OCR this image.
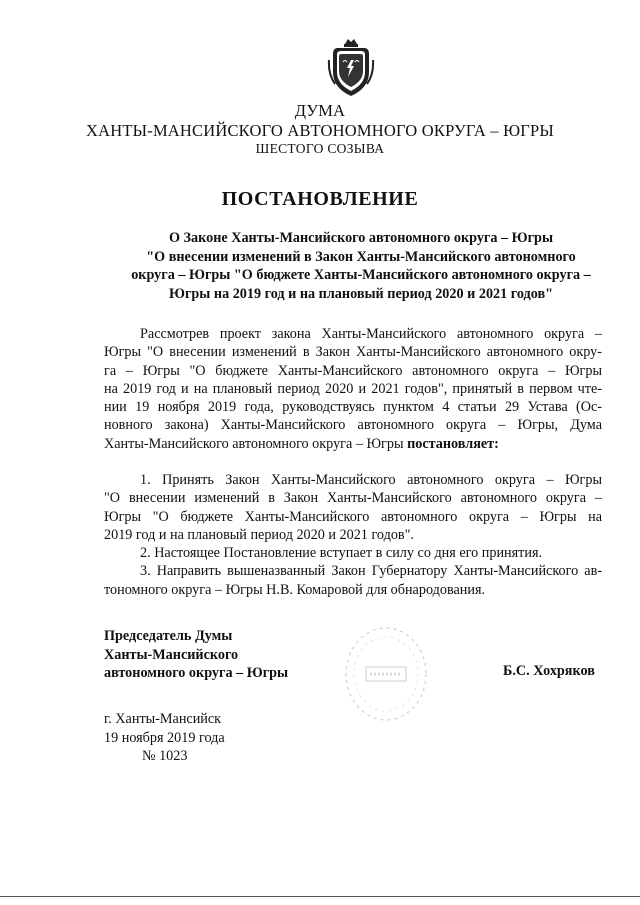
ДУМА
ХАНТЫ-МАНСИЙСКОГО АВТОНОМНОГО ОКРУГА – ЮГРЫ
ШЕСТОГО СОЗЫВА
ПОСТАНОВЛЕНИЕ
О Законе Ханты-Мансийского автономного округа – Югры
"О внесении изменений в Закон Ханты-Мансийского автономного
округа – Югры "О бюджете Ханты-Мансийского автономного округа –
Югры на 2019 год и на плановый период 2020 и 2021 годов"
Рассмотрев проект закона Ханты-Мансийского автономного округа –
Югры "О внесении изменений в Закон Ханты-Мансийского автономного окру-
га – Югры "О бюджете Ханты-Мансийского автономного округа – Югры
на 2019 год и на плановый период 2020 и 2021 годов", принятый в первом чте-
нии 19 ноября 2019 года, руководствуясь пунктом 4 статьи 29 Устава (Ос-
новного закона) Ханты-Мансийского автономного округа – Югры, Дума
Ханты-Мансийского автономного округа – Югры постановляет:
1. Принять Закон Ханты-Мансийского автономного округа – Югры
"О внесении изменений в Закон Ханты-Мансийского автономного округа –
Югры "О бюджете Ханты-Мансийского автономного округа – Югры на
2019 год и на плановый период 2020 и 2021 годов".
2. Настоящее Постановление вступает в силу со дня его принятия.
3. Направить вышеназванный Закон Губернатору Ханты-Мансийского ав-
тономного округа – Югры Н.В. Комаровой для обнародования.
Председатель Думы
Ханты-Мансийского
автономного округа – Югры	Б.С. Хохряков
г. Ханты-Мансийск
19 ноября 2019 года
№ 1023
